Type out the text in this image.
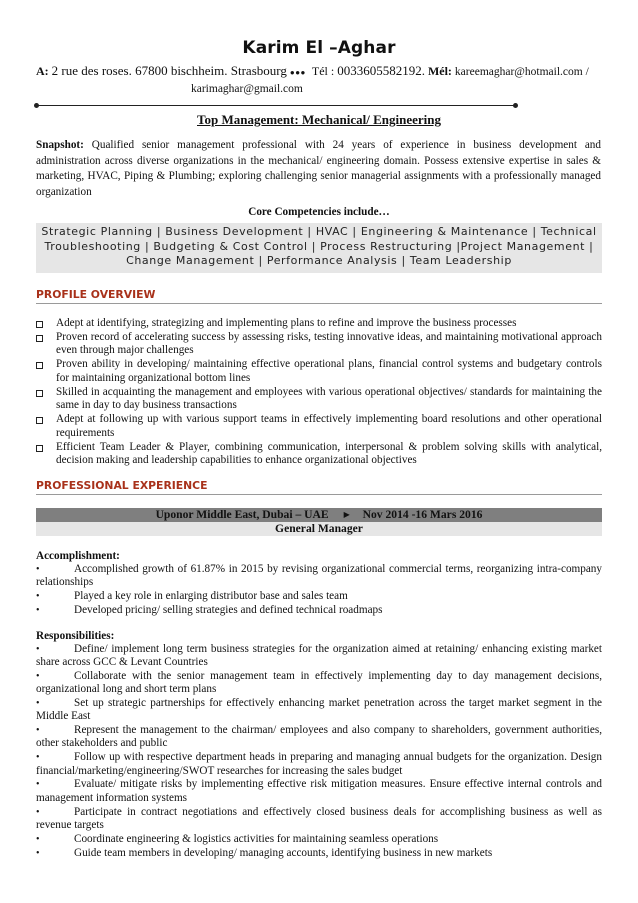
Karim El –Aghar
A: 2 rue des roses. 67800 bischheim. Strasbourg ●●● Tél : 0033605582192. Mél: kareemaghar@hotmail.com /
karimaghar@gmail.com
Top Management: Mechanical/ Engineering
Snapshot: Qualified senior management professional with 24 years of experience in business development and administration across diverse organizations in the mechanical/ engineering domain. Possess extensive expertise in sales & marketing, HVAC, Piping & Plumbing; exploring challenging senior managerial assignments with a professionally managed organization
Core Competencies include…
Strategic Planning | Business Development | HVAC | Engineering & Maintenance | Technical
Troubleshooting | Budgeting & Cost Control | Process Restructuring |Project Management |
Change Management | Performance Analysis | Team Leadership
PROFILE OVERVIEW
Adept at identifying, strategizing and implementing plans to refine and improve the business processes
Proven record of accelerating success by assessing risks, testing innovative ideas, and maintaining motivational approach even through major challenges
Proven ability in developing/ maintaining effective operational plans, financial control systems and budgetary controls for maintaining organizational bottom lines
Skilled in acquainting the management and employees with various operational objectives/ standards for maintaining the same in day to day business transactions
Adept at following up with various support teams in effectively implementing board resolutions and other operational requirements
Efficient Team Leader & Player, combining communication, interpersonal & problem solving skills with analytical, decision making and leadership capabilities to enhance organizational objectives
PROFESSIONAL EXPERIENCE
Uponor Middle East, Dubai – UAE ▶ Nov 2014 -16 Mars 2016
General Manager
Accomplishment:
•	Accomplished growth of 61.87% in 2015 by revising organizational commercial terms, reorganizing intra-company relationships
•	Played a key role in enlarging distributor base and sales team
•	Developed pricing/ selling strategies and defined technical roadmaps
Responsibilities:
•	Define/ implement long term business strategies for the organization aimed at retaining/ enhancing existing market share across GCC & Levant Countries
•	Collaborate with the senior management team in effectively implementing day to day management decisions, organizational long and short term plans
•	Set up strategic partnerships for effectively enhancing market penetration across the target market segment in the Middle East
•	Represent the management to the chairman/ employees and also company to shareholders, government authorities, other stakeholders and public
•	Follow up with respective department heads in preparing and managing annual budgets for the organization. Design financial/marketing/engineering/SWOT researches for increasing the sales budget
•	Evaluate/ mitigate risks by implementing effective risk mitigation measures. Ensure effective internal controls and management information systems
•	Participate in contract negotiations and effectively closed business deals for accomplishing business as well as revenue targets
•	Coordinate engineering & logistics activities for maintaining seamless operations
•	Guide team members in developing/ managing accounts, identifying business in new markets
